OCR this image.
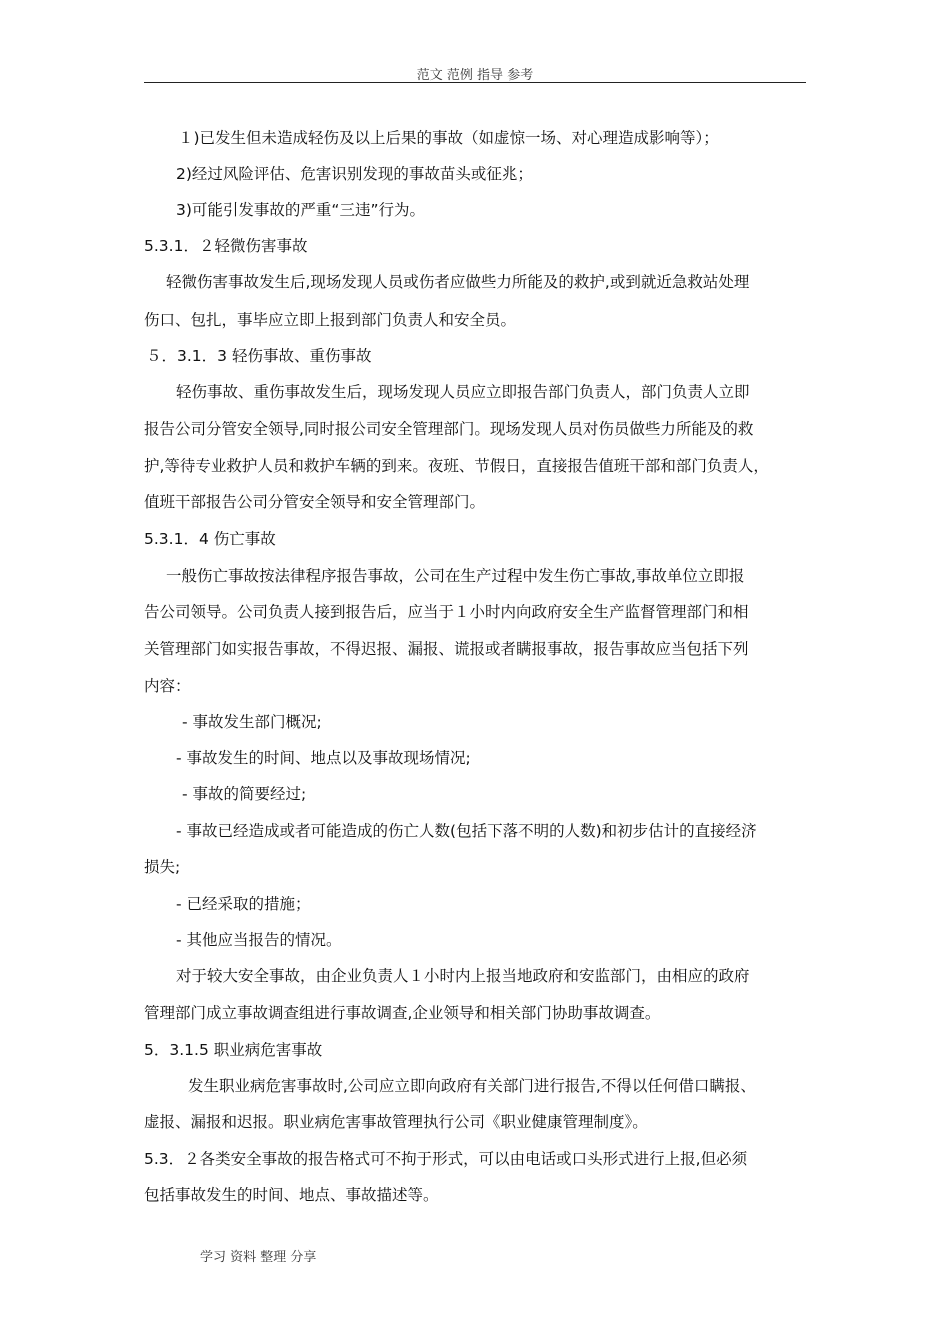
范文 范例 指导 参考
１)已发生但未造成轻伤及以上后果的事故（如虚惊一场、对心理造成影响等）；
2)经过风险评估、危害识别发现的事故苗头或征兆；
3)可能引发事故的严重“三违”行为。
5.3.1．２轻微伤害事故
轻微伤害事故发生后,现场发现人员或伤者应做些力所能及的救护,或到就近急救站处理
伤口、包扎，事毕应立即上报到部门负责人和安全员。
５．3.1．3 轻伤事故、重伤事故
轻伤事故、重伤事故发生后，现场发现人员应立即报告部门负责人，部门负责人立即
报告公司分管安全领导,同时报公司安全管理部门。现场发现人员对伤员做些力所能及的救
护,等待专业救护人员和救护车辆的到来。夜班、节假日，直接报告值班干部和部门负责人，
值班干部报告公司分管安全领导和安全管理部门。
5.3.1．4 伤亡事故
一般伤亡事故按法律程序报告事故，公司在生产过程中发生伤亡事故,事故单位立即报
告公司领导。公司负责人接到报告后，应当于１小时内向政府安全生产监督管理部门和相
关管理部门如实报告事故，不得迟报、漏报、谎报或者瞒报事故，报告事故应当包括下列
内容：
- 事故发生部门概况;
- 事故发生的时间、地点以及事故现场情况;
- 事故的简要经过;
- 事故已经造成或者可能造成的伤亡人数(包括下落不明的人数)和初步估计的直接经济
损失;
- 已经采取的措施；
- 其他应当报告的情况。
对于较大安全事故，由企业负责人１小时内上报当地政府和安监部门，由相应的政府
管理部门成立事故调查组进行事故调查,企业领导和相关部门协助事故调查。
5．3.1.5 职业病危害事故
发生职业病危害事故时,公司应立即向政府有关部门进行报告,不得以任何借口瞒报、
虚报、漏报和迟报。职业病危害事故管理执行公司《职业健康管理制度》。
5.3．２各类安全事故的报告格式可不拘于形式，可以由电话或口头形式进行上报,但必须
包括事故发生的时间、地点、事故描述等。
学习 资料 整理 分享
